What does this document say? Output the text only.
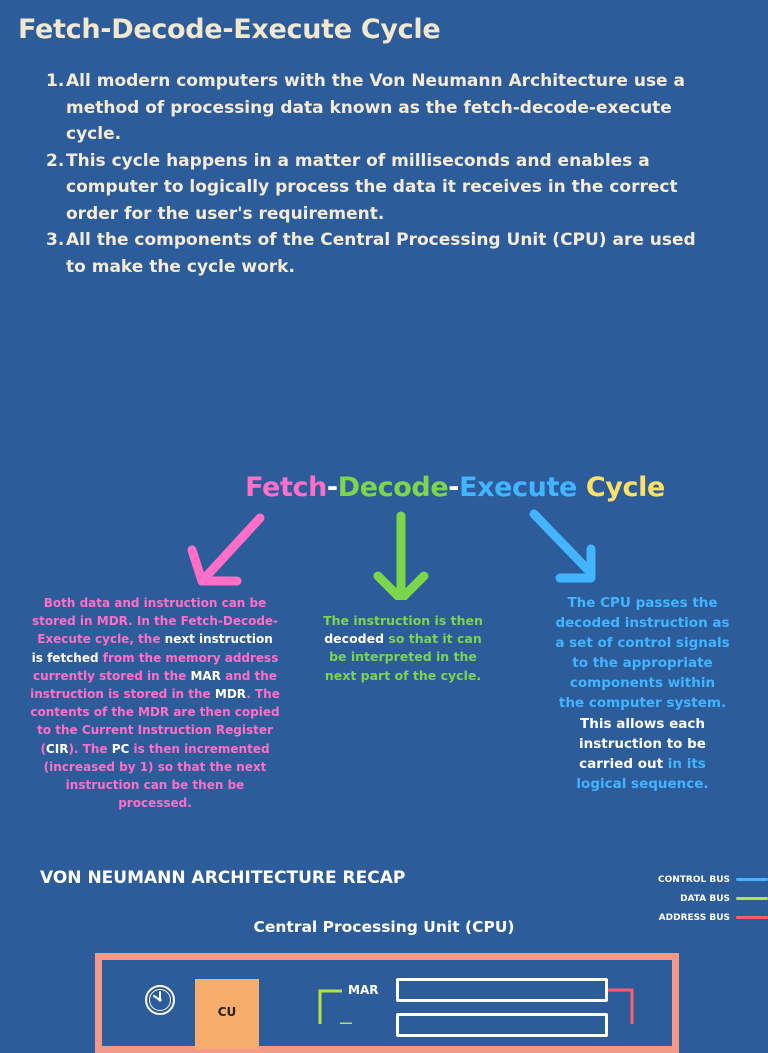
Fetch-Decode-Execute Cycle
1. All modern computers with the Von Neumann Architecture use a method of processing data known as the fetch-decode-execute cycle.
2. This cycle happens in a matter of milliseconds and enables a computer to logically process the data it receives in the correct order for the user's requirement.
3. All the components of the Central Processing Unit (CPU) are used to make the cycle work.
Fetch-Decode-Execute Cycle

Both data and instruction can be stored in MDR. In the Fetch-Decode-Execute cycle, the next instruction is fetched from the memory address currently stored in the MAR and the instruction is stored in the MDR. The contents of the MDR are then copied to the Current Instruction Register (CIR). The PC is then incremented (increased by 1) so that the next instruction can be then be processed.

The instruction is then decoded so that it can be interpreted in the next part of the cycle.

The CPU passes the decoded instruction as a set of control signals to the appropriate components within the computer system. This allows each instruction to be carried out in its logical sequence.

VON NEUMANN ARCHITECTURE RECAP	CONTROL BUS
DATA BUS
ADDRESS BUS
Central Processing Unit (CPU)
CU
MAR
